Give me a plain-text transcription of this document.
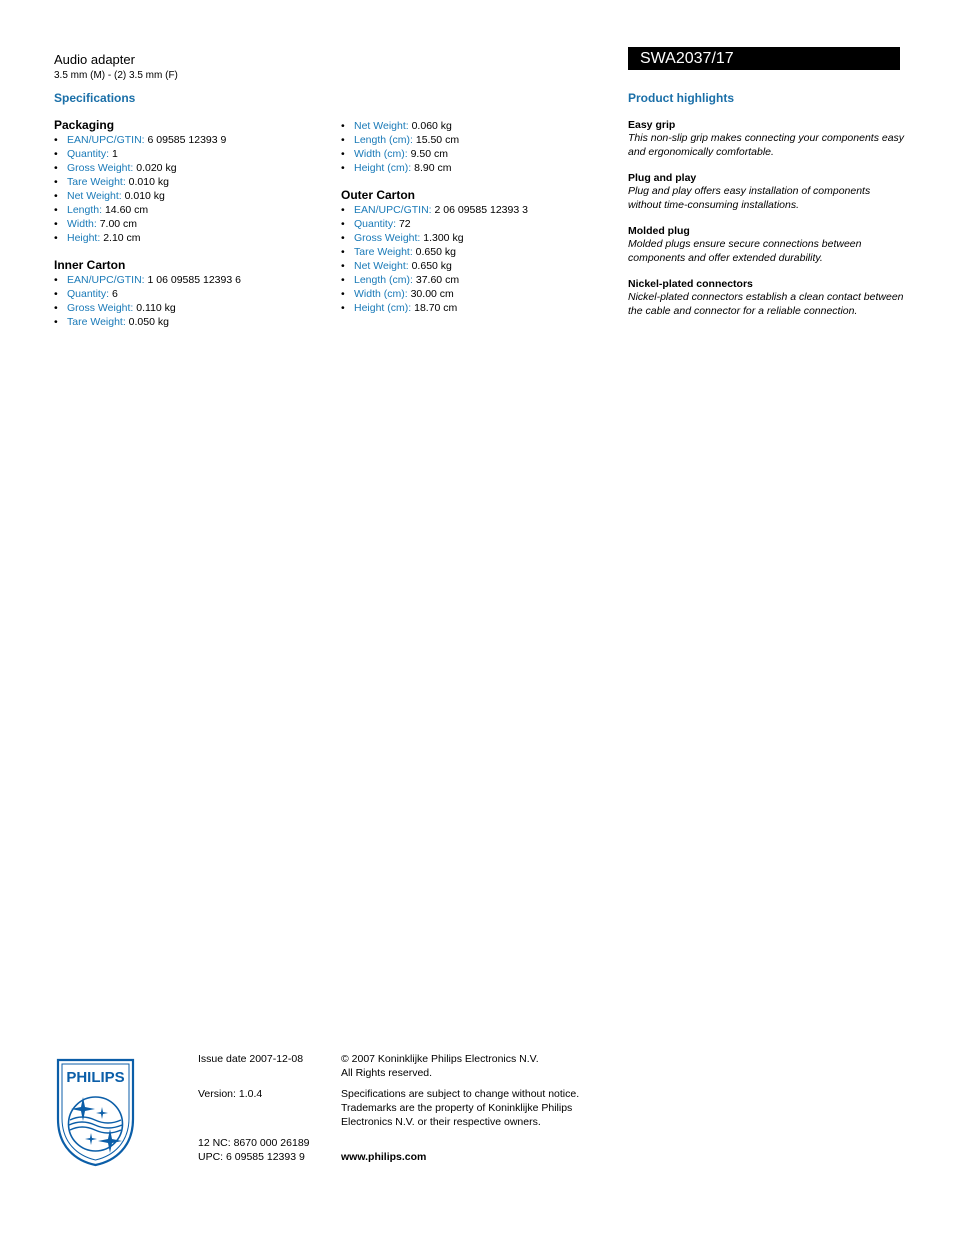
Audio adapter
3.5 mm (M) - (2) 3.5 mm (F)
SWA2037/17
Specifications
Packaging
• EAN/UPC/GTIN: 6 09585 12393 9
• Quantity: 1
• Gross Weight: 0.020 kg
• Tare Weight: 0.010 kg
• Net Weight: 0.010 kg
• Length: 14.60 cm
• Width: 7.00 cm
• Height: 2.10 cm
Inner Carton
• EAN/UPC/GTIN: 1 06 09585 12393 6
• Quantity: 6
• Gross Weight: 0.110 kg
• Tare Weight: 0.050 kg
• Net Weight: 0.060 kg
• Length (cm): 15.50 cm
• Width (cm): 9.50 cm
• Height (cm): 8.90 cm
Outer Carton
• EAN/UPC/GTIN: 2 06 09585 12393 3
• Quantity: 72
• Gross Weight: 1.300 kg
• Tare Weight: 0.650 kg
• Net Weight: 0.650 kg
• Length (cm): 37.60 cm
• Width (cm): 30.00 cm
• Height (cm): 18.70 cm
Product highlights
Easy grip
This non-slip grip makes connecting your components easy
and ergonomically comfortable.
Plug and play
Plug and play offers easy installation of components
without time-consuming installations.
Molded plug
Molded plugs ensure secure connections between
components and offer extended durability.
Nickel-plated connectors
Nickel-plated connectors establish a clean contact between
the cable and connector for a reliable connection.
PHILIPS
Issue date 2007-12-08
Version: 1.0.4
12 NC: 8670 000 26189
UPC: 6 09585 12393 9
© 2007 Koninklijke Philips Electronics N.V.
All Rights reserved.
Specifications are subject to change without notice.
Trademarks are the property of Koninklijke Philips
Electronics N.V. or their respective owners.
www.philips.com
